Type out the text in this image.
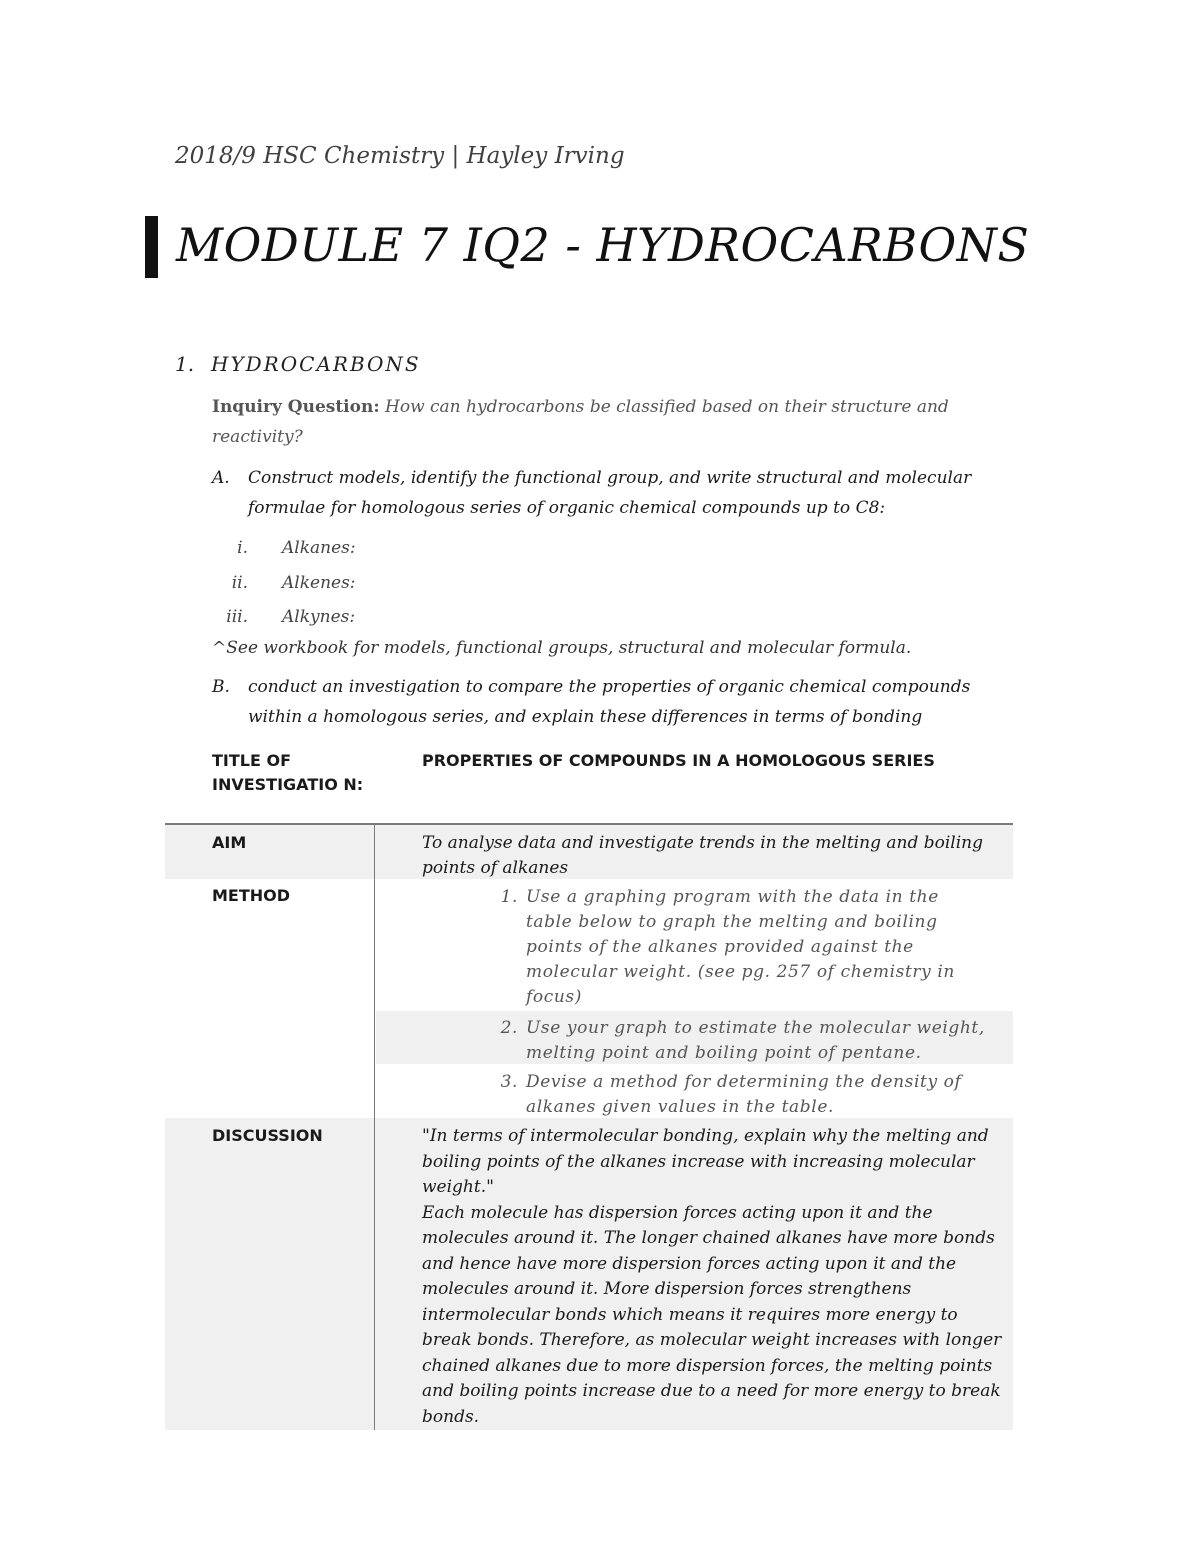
2018/9 HSC Chemistry | Hayley Irving
MODULE 7 IQ2 - HYDROCARBONS
1. HYDROCARBONS
Inquiry Question: How can hydrocarbons be classified based on their structure and reactivity?
A. Construct models, identify the functional group, and write structural and molecular formulae for homologous series of organic chemical compounds up to C8:
i. Alkanes:
ii. Alkenes:
iii. Alkynes:
^See workbook for models, functional groups, structural and molecular formula.
B. conduct an investigation to compare the properties of organic chemical compounds within a homologous series, and explain these differences in terms of bonding
TITLE OF INVESTIGATIO N:
PROPERTIES OF COMPOUNDS IN A HOMOLOGOUS SERIES
AIM	To analyse data and investigate trends in the melting and boiling points of alkanes
METHOD	1. Use a graphing program with the data in the table below to graph the melting and boiling points of the alkanes provided against the molecular weight. (see pg. 257 of chemistry in focus)
2. Use your graph to estimate the molecular weight, melting point and boiling point of pentane.
3. Devise a method for determining the density of alkanes given values in the table.
DISCUSSION	"In terms of intermolecular bonding, explain why the melting and boiling points of the alkanes increase with increasing molecular weight."
Each molecule has dispersion forces acting upon it and the molecules around it. The longer chained alkanes have more bonds and hence have more dispersion forces acting upon it and the molecules around it. More dispersion forces strengthens intermolecular bonds which means it requires more energy to break bonds. Therefore, as molecular weight increases with longer chained alkanes due to more dispersion forces, the melting points and boiling points increase due to a need for more energy to break bonds.
